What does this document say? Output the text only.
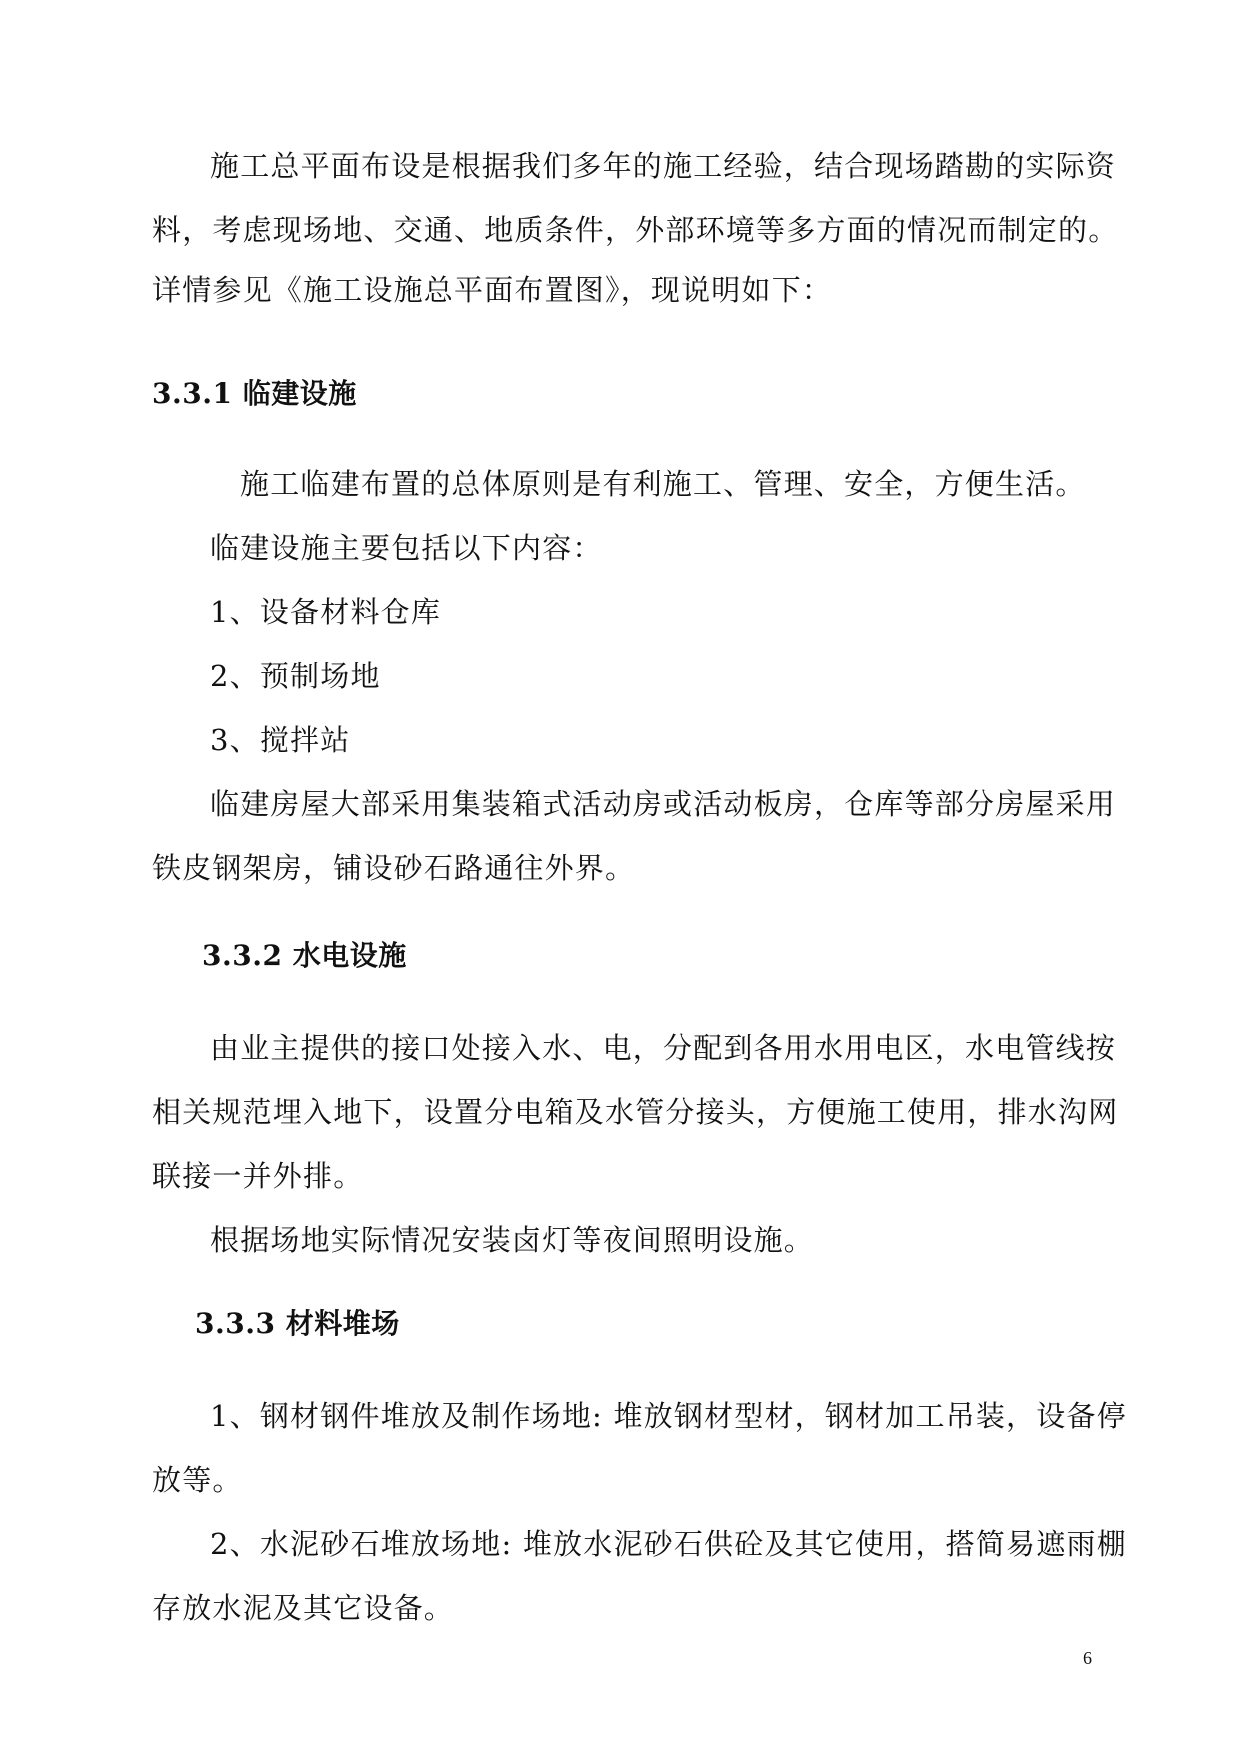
施工总平面布设是根据我们多年的施工经验，结合现场踏勘的实际资
料，考虑现场地、交通、地质条件，外部环境等多方面的情况而制定的。
详情参见《施工设施总平面布置图》，现说明如下：
3.3.1 临建设施
施工临建布置的总体原则是有利施工、管理、安全，方便生活。
临建设施主要包括以下内容：
1、设备材料仓库
2、预制场地
3、搅拌站
临建房屋大部采用集装箱式活动房或活动板房，仓库等部分房屋采用
铁皮钢架房，铺设砂石路通往外界。
3.3.2 水电设施
由业主提供的接口处接入水、电，分配到各用水用电区，水电管线按
相关规范埋入地下，设置分电箱及水管分接头，方便施工使用，排水沟网
联接一并外排。
根据场地实际情况安装卤灯等夜间照明设施。
3.3.3 材料堆场
1、钢材钢件堆放及制作场地: 堆放钢材型材，钢材加工吊装，设备停
放等。
2、水泥砂石堆放场地: 堆放水泥砂石供砼及其它使用，搭简易遮雨棚
存放水泥及其它设备。
6
